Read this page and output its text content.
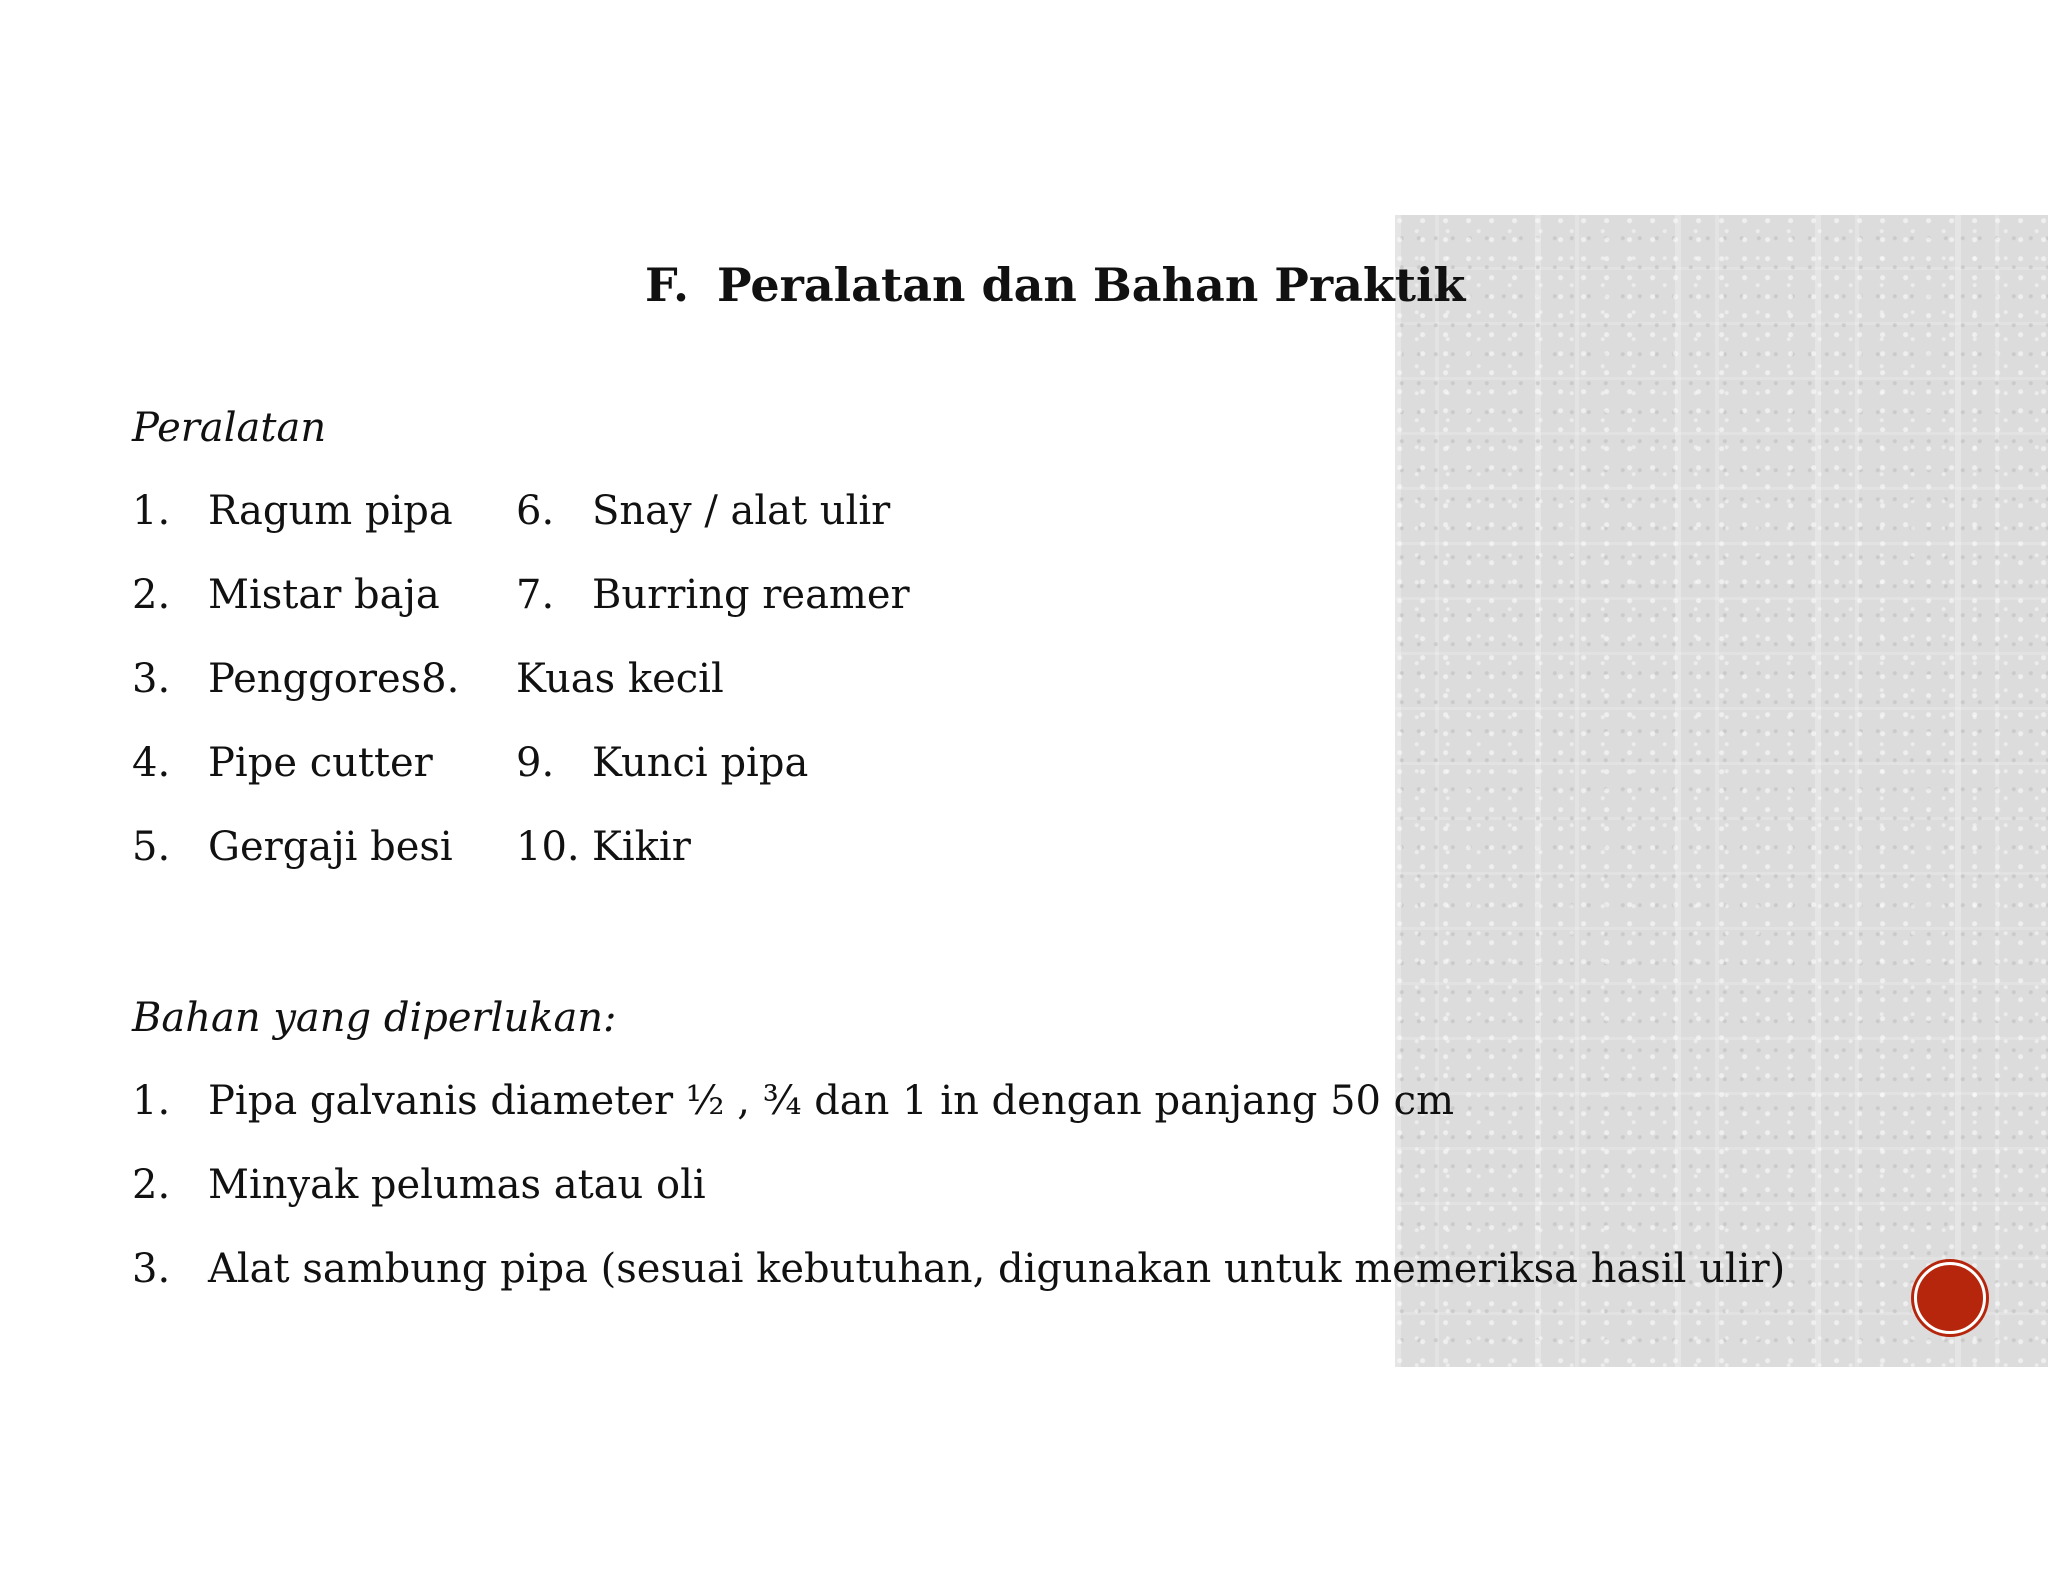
F. Peralatan dan Bahan Praktik
Peralatan
1. Ragum pipa 6. Snay / alat ulir
2. Mistar baja 7. Burring reamer
3. Penggores8. Kuas kecil
4. Pipe cutter 9. Kunci pipa
5. Gergaji besi 10. Kikir
Bahan yang diperlukan:
1. Pipa galvanis diameter ½ , ¾ dan 1 in dengan panjang 50 cm
2. Minyak pelumas atau oli
3. Alat sambung pipa (sesuai kebutuhan, digunakan untuk memeriksa hasil ulir)
